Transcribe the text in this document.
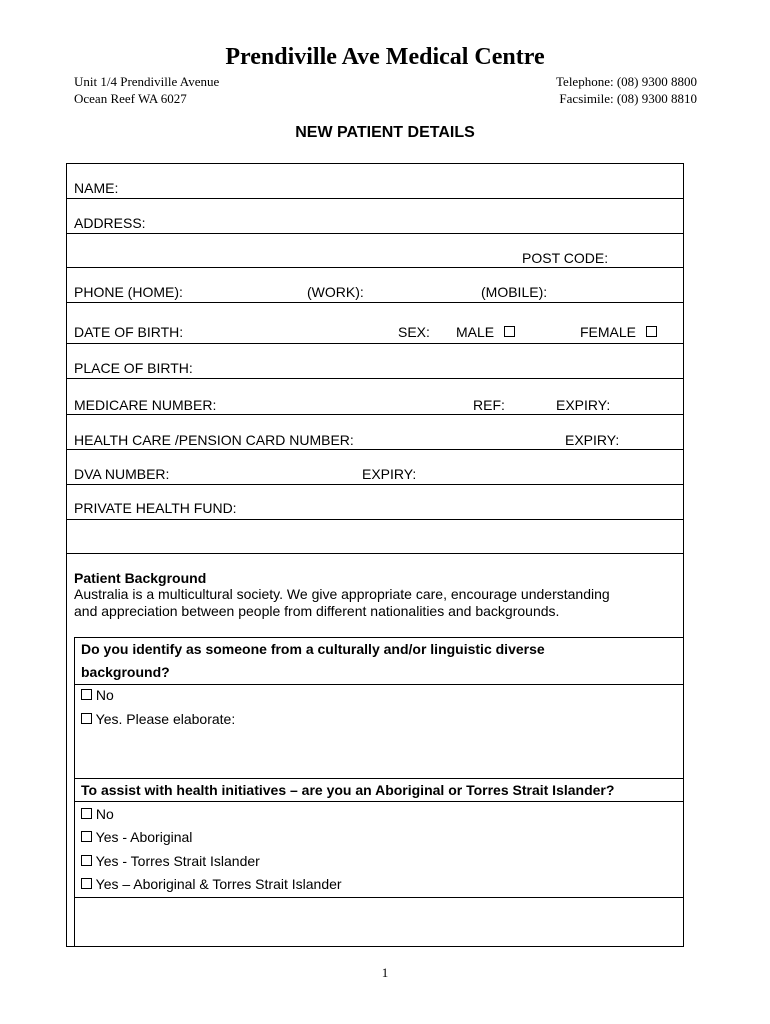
Prendiville Ave Medical Centre
Unit 1/4 Prendiville Avenue
Ocean Reef WA 6027
Telephone: (08) 9300 8800
Facsimile: (08) 9300 8810
NEW PATIENT DETAILS
NAME:
ADDRESS:
POST CODE:
PHONE (HOME):	(WORK):	(MOBILE):
DATE OF BIRTH:	SEX: MALE	FEMALE
PLACE OF BIRTH:
MEDICARE NUMBER:	REF:	EXPIRY:
HEALTH CARE /PENSION CARD NUMBER:	EXPIRY:
DVA NUMBER:	EXPIRY:
PRIVATE HEALTH FUND:
Patient Background
Australia is a multicultural society. We give appropriate care, encourage understanding
and appreciation between people from different nationalities and backgrounds.
Do you identify as someone from a culturally and/or linguistic diverse
background?
No
Yes. Please elaborate:
To assist with health initiatives – are you an Aboriginal or Torres Strait Islander?
No
Yes - Aboriginal
Yes - Torres Strait Islander
Yes – Aboriginal & Torres Strait Islander
1
